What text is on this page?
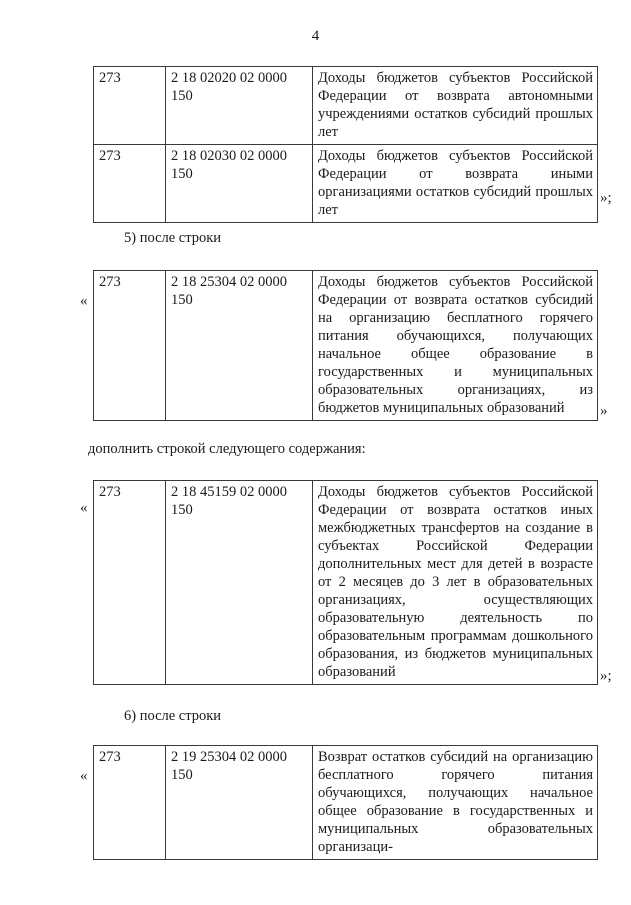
4
273	2 18 02020 02 0000 150	Доходы бюджетов субъектов Российской Федерации от возврата автономными учреждениями остатков субсидий прошлых лет
273	2 18 02030 02 0000 150	Доходы бюджетов субъектов Российской Федерации от возврата иными организациями остатков субсидий прошлых лет
»;
5) после строки
«
273	2 18 25304 02 0000 150	Доходы бюджетов субъектов Российской Федерации от возврата остатков субсидий на организацию бесплатного горячего питания обучающихся, получающих начальное общее образование в государственных и муниципальных образовательных организациях, из бюджетов муниципальных образований »
дополнить строкой следующего содержания:
«
273	2 18 45159 02 0000 150	Доходы бюджетов субъектов Российской Федерации от возврата остатков иных межбюджетных трансфертов на создание в субъектах Российской Федерации дополнительных мест для детей в возрасте от 2 месяцев до 3 лет в образовательных организациях, осуществляющих образовательную деятельность по образовательным программам дошкольного образования, из бюджетов муниципальных образований	»;
6) после строки
«
273	2 19 25304 02 0000 150	Возврат остатков субсидий на организацию бесплатного горячего питания обучающихся, получающих начальное общее образование в государственных и муниципальных образовательных организаци-
